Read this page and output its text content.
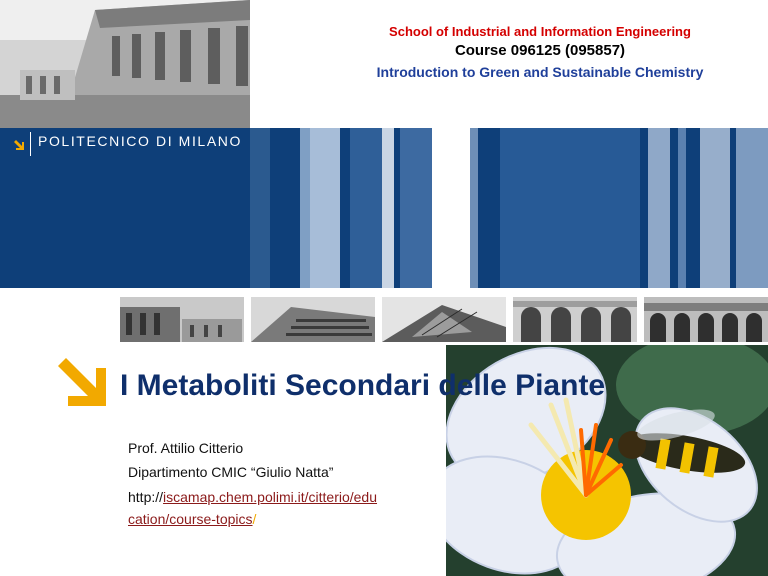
School of Industrial and Information Engineering
Course 096125 (095857)
Introduction to Green and Sustainable Chemistry
POLITECNICO DI MILANO
I Metaboliti Secondari delle Piante
Prof. Attilio Citterio
Dipartimento CMIC “Giulio Natta”
http://iscamap.chem.polimi.it/citterio/edu
cation/course-topics/
